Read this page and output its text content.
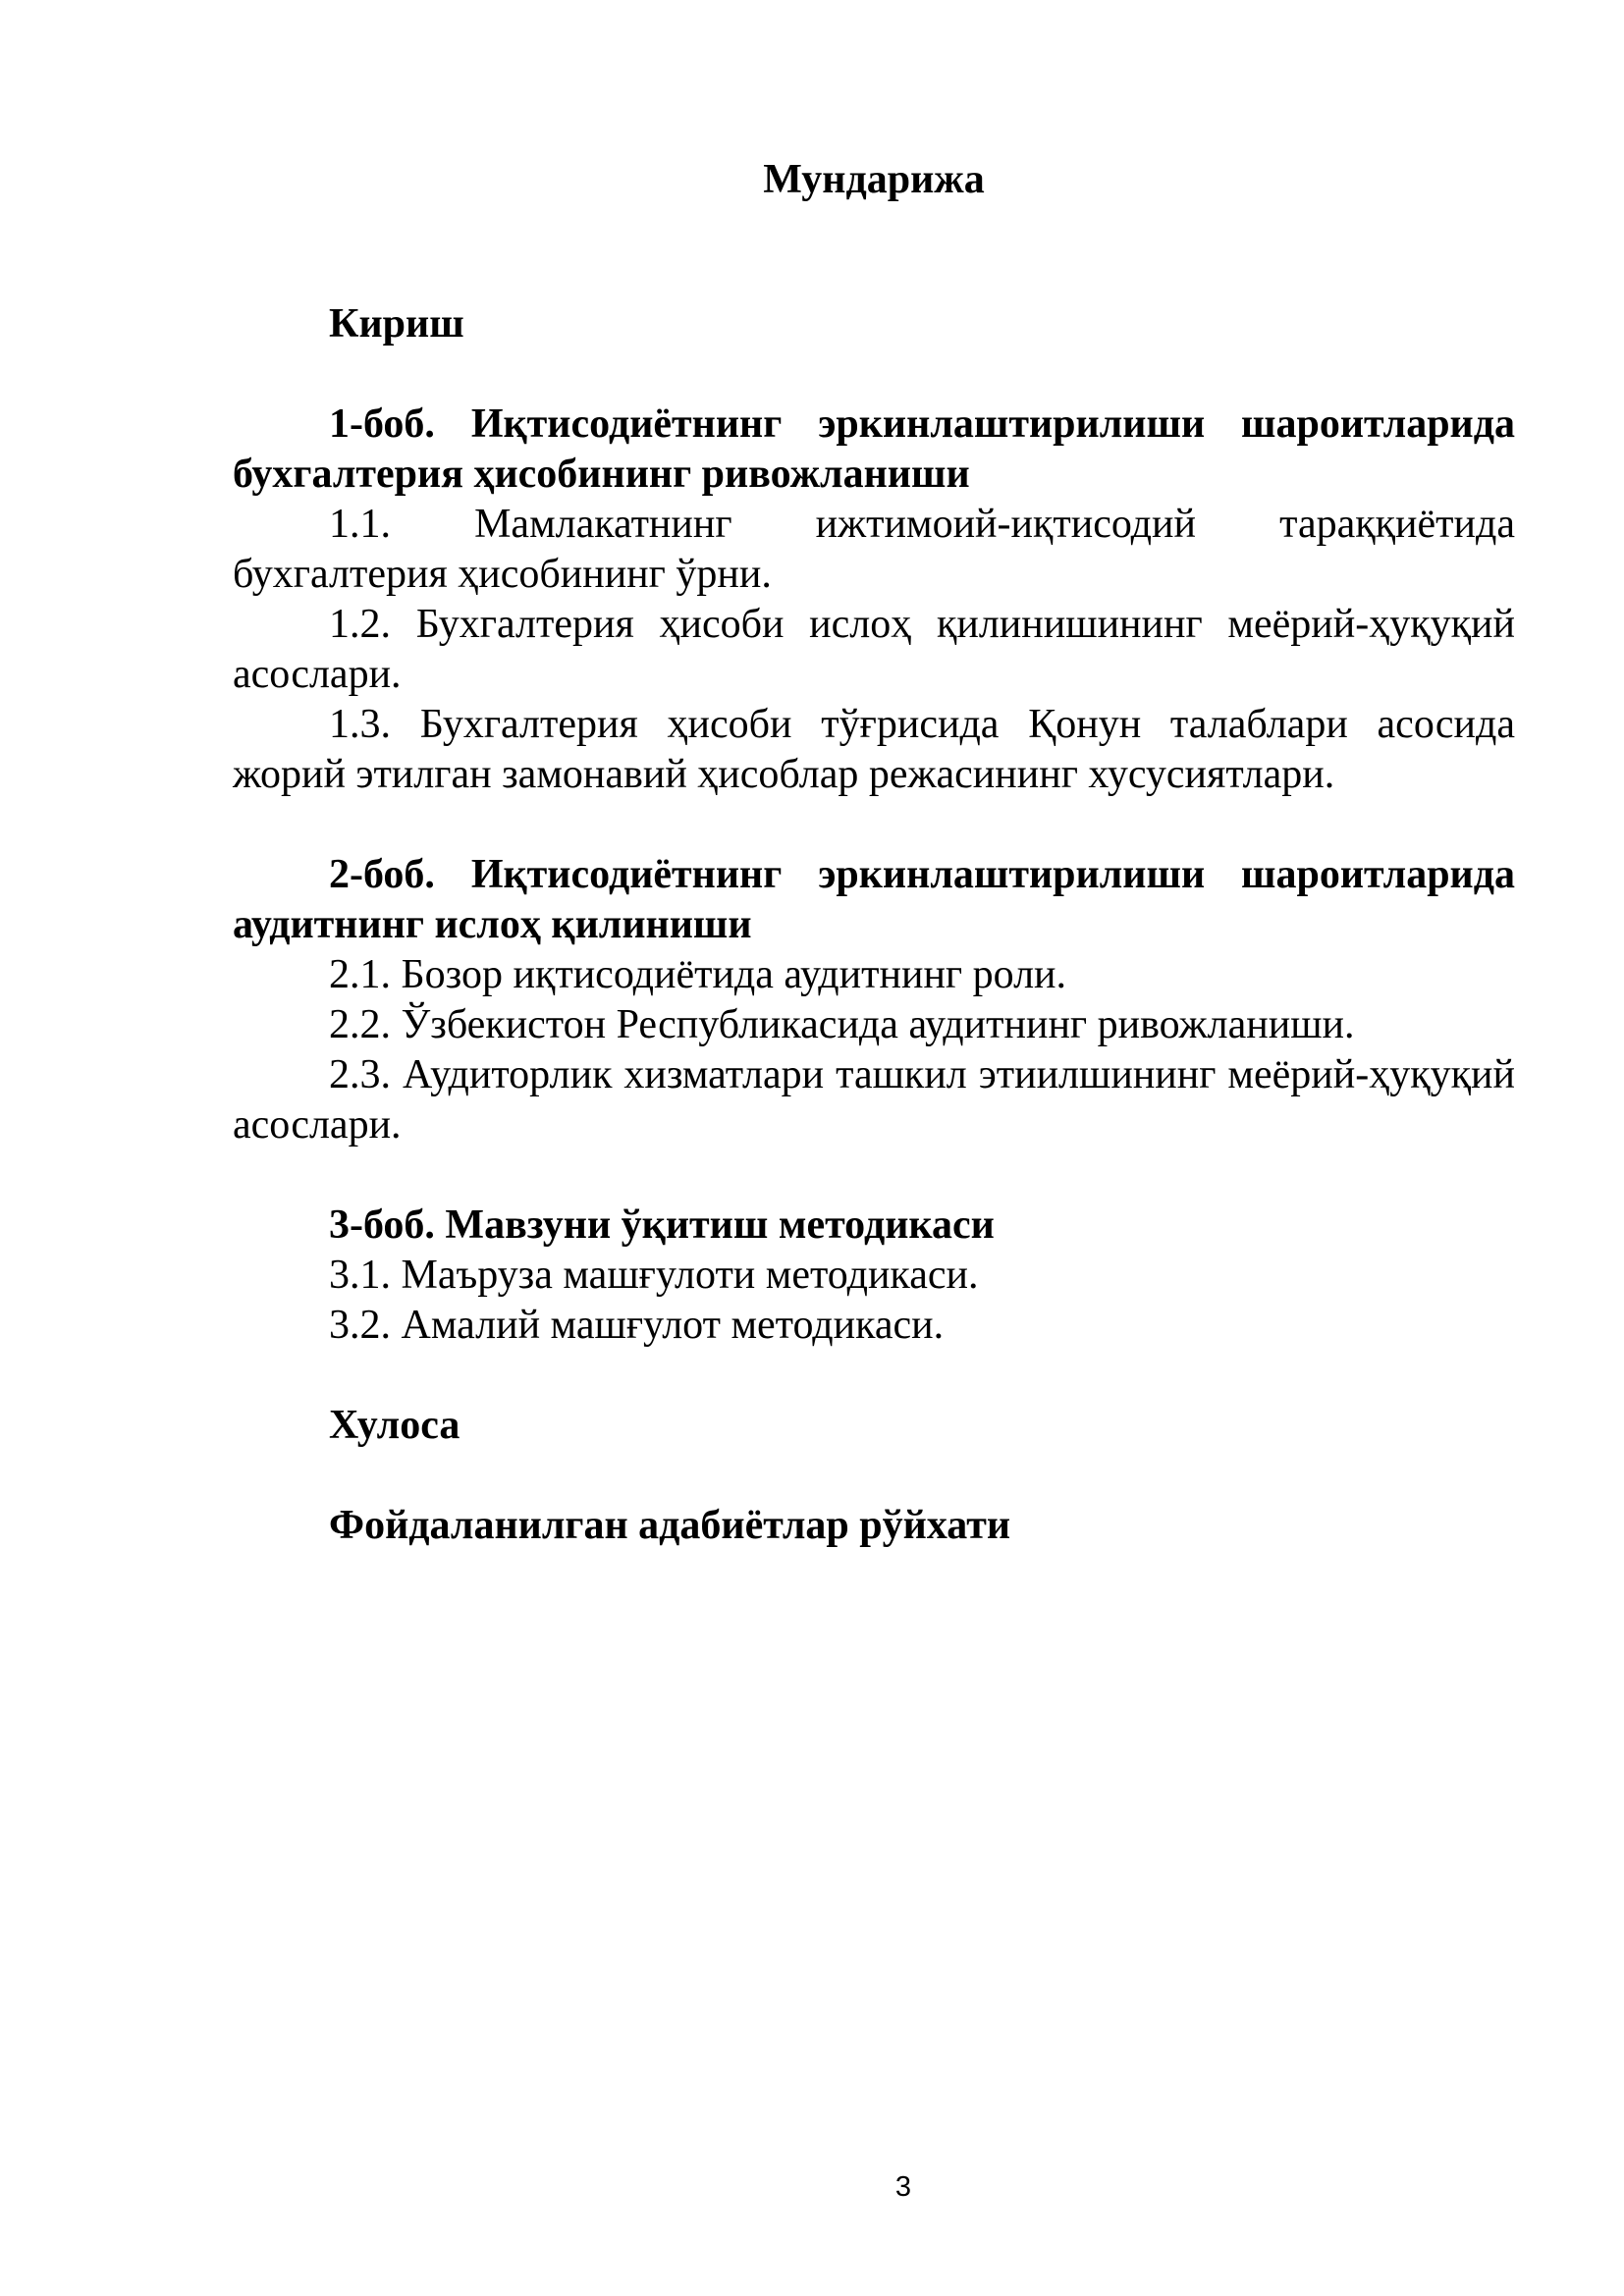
Мундарижа

Кириш

1-боб. Иқтисодиётнинг эркинлаштирилиши шароитларида бухгалтерия ҳисобининг ривожланиши

1.1. Мамлакатнинг ижтимоий-иқтисодий тараққиётида бухгалтерия ҳисобининг ўрни.

1.2. Бухгалтерия ҳисоби ислоҳ қилинишининг меёрий-ҳуқуқий асослари.

1.3. Бухгалтерия ҳисоби тўғрисида Қонун талаблари асосида жорий этилган замонавий ҳисоблар режасининг хусусиятлари.

2-боб. Иқтисодиётнинг эркинлаштирилиши шароитларида аудитнинг ислоҳ қилиниши

2.1. Бозор иқтисодиётида аудитнинг роли.

2.2. Ўзбекистон Республикасида аудитнинг ривожланиши.

2.3. Аудиторлик хизматлари ташкил этиилшининг меёрий-ҳуқуқий асослари.

3-боб. Мавзуни ўқитиш методикаси

3.1. Маъруза машғулоти методикаси.

3.2. Амалий машғулот методикаси.

Хулоса

Фойдаланилган адабиётлар рўйхати

3
